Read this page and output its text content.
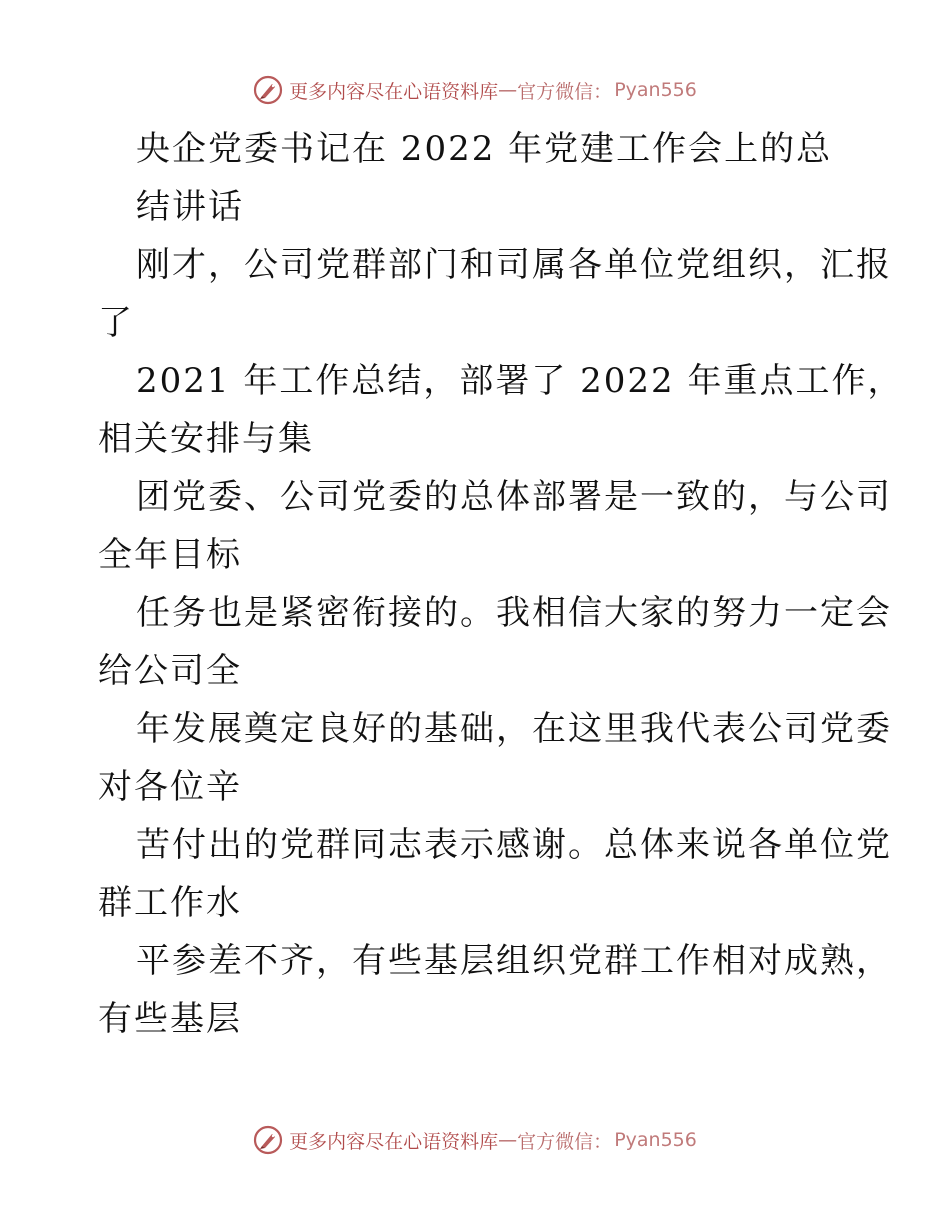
更多内容尽在心语资料库 — 官方微信： Pyan556
央企党委书记在 2022 年党建工作会上的总
结讲话
刚才，公司党群部门和司属各单位党组织，汇报
了
2021 年工作总结，部署了 2022 年重点工作，
相关安排与集
团党委、公司党委的总体部署是一致的，与公司
全年目标
任务也是紧密衔接的。我相信大家的努力一定会
给公司全
年发展奠定良好的基础，在这里我代表公司党委
对各位辛
苦付出的党群同志表示感谢。总体来说各单位党
群工作水
平参差不齐，有些基层组织党群工作相对成熟，
有些基层
更多内容尽在心语资料库 — 官方微信： Pyan556
